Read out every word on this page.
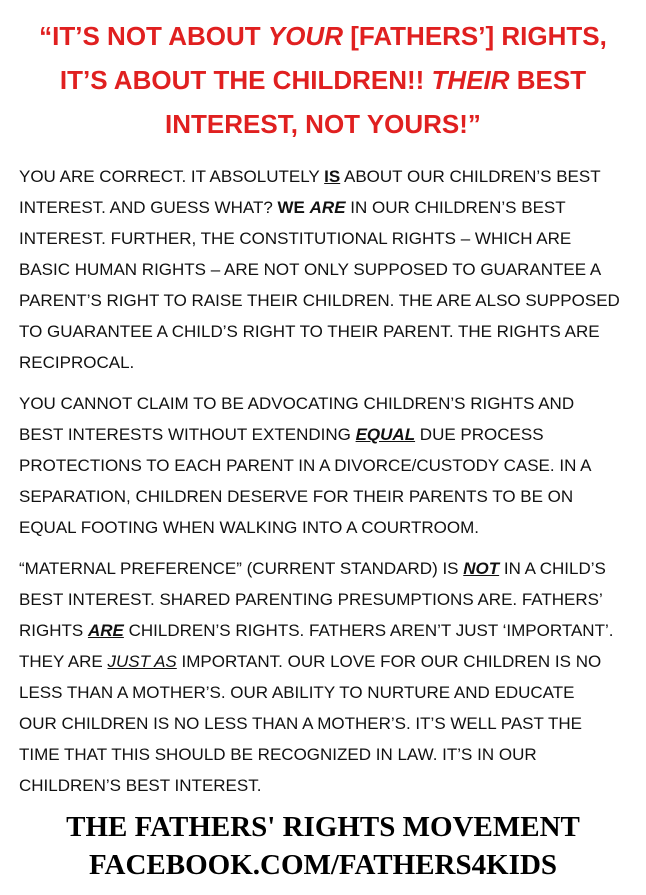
“IT’S NOT ABOUT YOUR [FATHERS’] RIGHTS,
IT’S ABOUT THE CHILDREN!! THEIR BEST
INTEREST, NOT YOURS!”

YOU ARE CORRECT. IT ABSOLUTELY IS ABOUT OUR CHILDREN’S BEST
INTEREST. AND GUESS WHAT? WE ARE IN OUR CHILDREN’S BEST
INTEREST. FURTHER, THE CONSTITUTIONAL RIGHTS – WHICH ARE
BASIC HUMAN RIGHTS – ARE NOT ONLY SUPPOSED TO GUARANTEE A
PARENT’S RIGHT TO RAISE THEIR CHILDREN. THE ARE ALSO SUPPOSED
TO GUARANTEE A CHILD’S RIGHT TO THEIR PARENT. THE RIGHTS ARE
RECIPROCAL.

YOU CANNOT CLAIM TO BE ADVOCATING CHILDREN’S RIGHTS AND
BEST INTERESTS WITHOUT EXTENDING EQUAL DUE PROCESS
PROTECTIONS TO EACH PARENT IN A DIVORCE/CUSTODY CASE. IN A
SEPARATION, CHILDREN DESERVE FOR THEIR PARENTS TO BE ON
EQUAL FOOTING WHEN WALKING INTO A COURTROOM.

“MATERNAL PREFERENCE” (CURRENT STANDARD) IS NOT IN A CHILD’S
BEST INTEREST. SHARED PARENTING PRESUMPTIONS ARE. FATHERS’
RIGHTS ARE CHILDREN’S RIGHTS. FATHERS AREN’T JUST ‘IMPORTANT’.
THEY ARE JUST AS IMPORTANT. OUR LOVE FOR OUR CHILDREN IS NO
LESS THAN A MOTHER’S. OUR ABILITY TO NURTURE AND EDUCATE
OUR CHILDREN IS NO LESS THAN A MOTHER’S. IT’S WELL PAST THE
TIME THAT THIS SHOULD BE RECOGNIZED IN LAW. IT’S IN OUR
CHILDREN’S BEST INTEREST.

THE FATHERS' RIGHTS MOVEMENT
FACEBOOK.COM/FATHERS4KIDS
